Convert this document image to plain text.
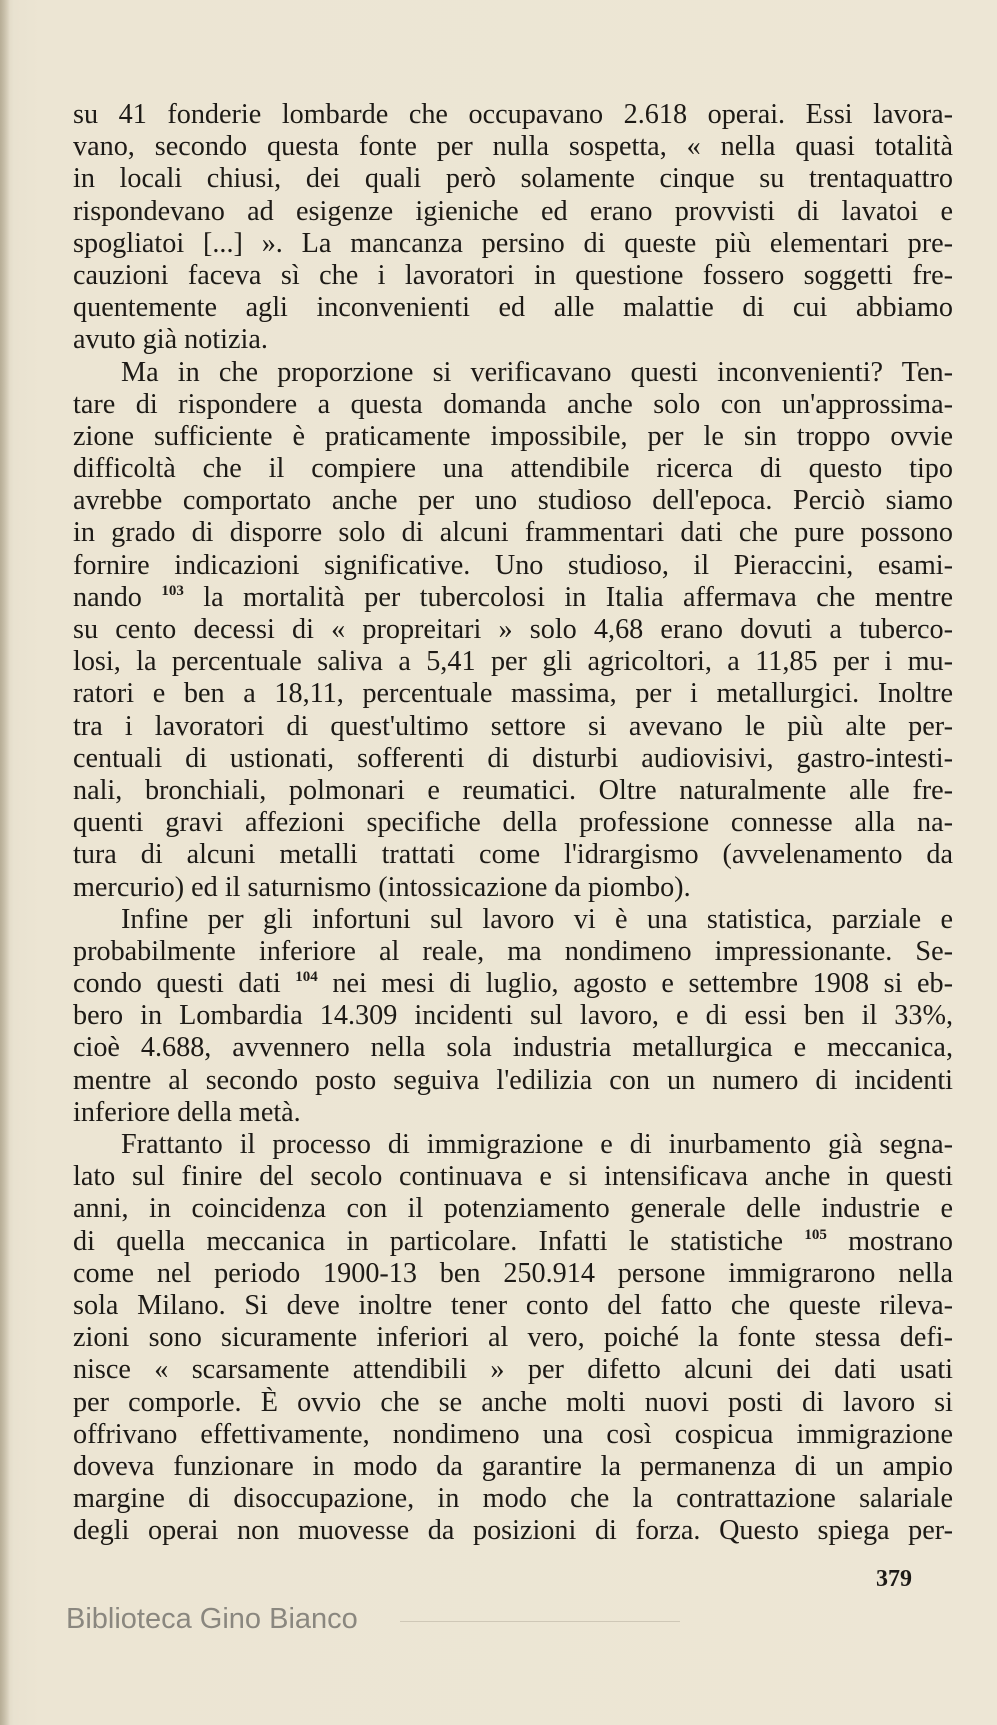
su 41 fonderie lombarde che occupavano 2.618 operai. Essi lavora-
vano, secondo questa fonte per nulla sospetta, « nella quasi totalità
in locali chiusi, dei quali però solamente cinque su trentaquattro
rispondevano ad esigenze igieniche ed erano provvisti di lavatoi e
spogliatoi [...] ». La mancanza persino di queste più elementari pre-
cauzioni faceva sì che i lavoratori in questione fossero soggetti fre-
quentemente agli inconvenienti ed alle malattie di cui abbiamo
avuto già notizia.
Ma in che proporzione si verificavano questi inconvenienti? Ten-
tare di rispondere a questa domanda anche solo con un'approssima-
zione sufficiente è praticamente impossibile, per le sin troppo ovvie
difficoltà che il compiere una attendibile ricerca di questo tipo
avrebbe comportato anche per uno studioso dell'epoca. Perciò siamo
in grado di disporre solo di alcuni frammentari dati che pure possono
fornire indicazioni significative. Uno studioso, il Pieraccini, esami-
nando $^{103}$ la mortalità per tubercolosi in Italia affermava che mentre
su cento decessi di « propreitari » solo 4,68 erano dovuti a tuberco-
losi, la percentuale saliva a 5,41 per gli agricoltori, a 11,85 per i mu-
ratori e ben a 18,11, percentuale massima, per i metallurgici. Inoltre
tra i lavoratori di quest'ultimo settore si avevano le più alte per-
centuali di ustionati, sofferenti di disturbi audiovisivi, gastro-intesti-
nali, bronchiali, polmonari e reumatici. Oltre naturalmente alle fre-
quenti gravi affezioni specifiche della professione connesse alla na-
tura di alcuni metalli trattati come l'idrargismo (avvelenamento da
mercurio) ed il saturnismo (intossicazione da piombo).
Infine per gli infortuni sul lavoro vi è una statistica, parziale e
probabilmente inferiore al reale, ma nondimeno impressionante. Se-
condo questi dati $^{104}$ nei mesi di luglio, agosto e settembre 1908 si eb-
bero in Lombardia 14.309 incidenti sul lavoro, e di essi ben il 33%,
cioè 4.688, avvennero nella sola industria metallurgica e meccanica,
mentre al secondo posto seguiva l'edilizia con un numero di incidenti
inferiore della metà.
Frattanto il processo di immigrazione e di inurbamento già segna-
lato sul finire del secolo continuava e si intensificava anche in questi
anni, in coincidenza con il potenziamento generale delle industrie e
di quella meccanica in particolare. Infatti le statistiche $^{105}$ mostrano
come nel periodo 1900-13 ben 250.914 persone immigrarono nella
sola Milano. Si deve inoltre tener conto del fatto che queste rileva-
zioni sono sicuramente inferiori al vero, poiché la fonte stessa defi-
nisce « scarsamente attendibili » per difetto alcuni dei dati usati
per comporle. È ovvio che se anche molti nuovi posti di lavoro si
offrivano effettivamente, nondimeno una così cospicua immigrazione
doveva funzionare in modo da garantire la permanenza di un ampio
margine di disoccupazione, in modo che la contrattazione salariale
degli operai non muovesse da posizioni di forza. Questo spiega per-
379
Biblioteca Gino Bianco
